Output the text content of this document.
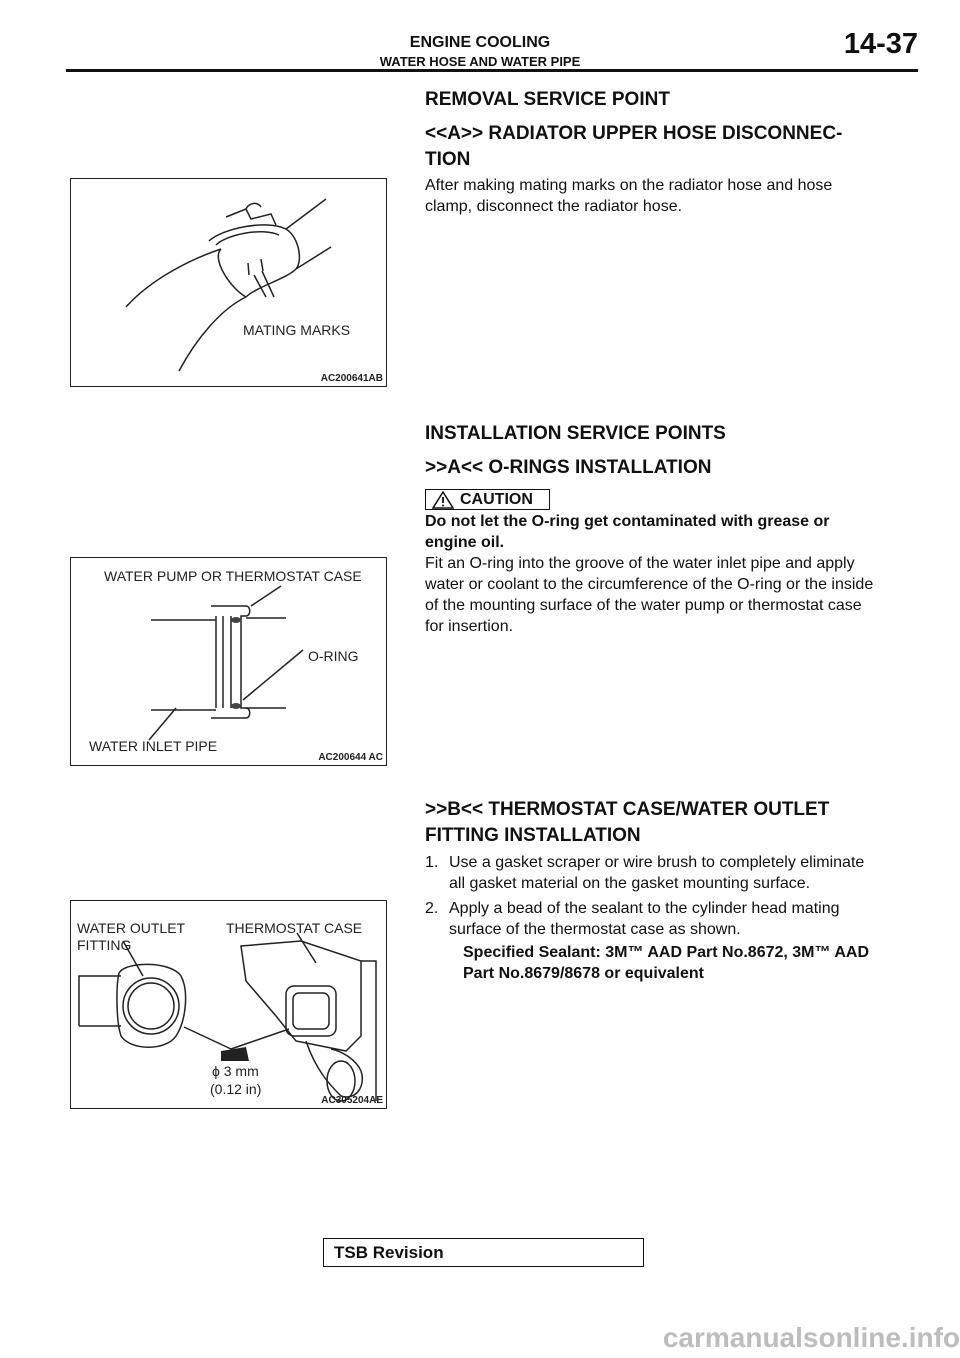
ENGINE COOLING
WATER HOSE AND WATER PIPE
14-37
REMOVAL SERVICE POINT
<<A>> RADIATOR UPPER HOSE DISCONNEC-
TION
After making mating marks on the radiator hose and hose
clamp, disconnect the radiator hose.
MATING MARKS
AC200641AB
INSTALLATION SERVICE POINTS
>>A<< O-RINGS INSTALLATION
CAUTION
Do not let the O-ring get contaminated with grease or
engine oil.
Fit an O-ring into the groove of the water inlet pipe and apply
water or coolant to the circumference of the O-ring or the inside
of the mounting surface of the water pump or thermostat case
for insertion.
WATER PUMP OR THERMOSTAT CASE
O-RING
WATER INLET PIPE
AC200644 AC
>>B<< THERMOSTAT CASE/WATER OUTLET
FITTING INSTALLATION
1. Use a gasket scraper or wire brush to completely eliminate
all gasket material on the gasket mounting surface.
2. Apply a bead of the sealant to the cylinder head mating
surface of the thermostat case as shown.
Specified Sealant: 3M™ AAD Part No.8672, 3M™ AAD
Part No.8679/8678 or equivalent
WATER OUTLET
FITTING
THERMOSTAT CASE
ϕ 3 mm
(0.12 in)
AC305204AE
TSB Revision
carmanualsonline.info
